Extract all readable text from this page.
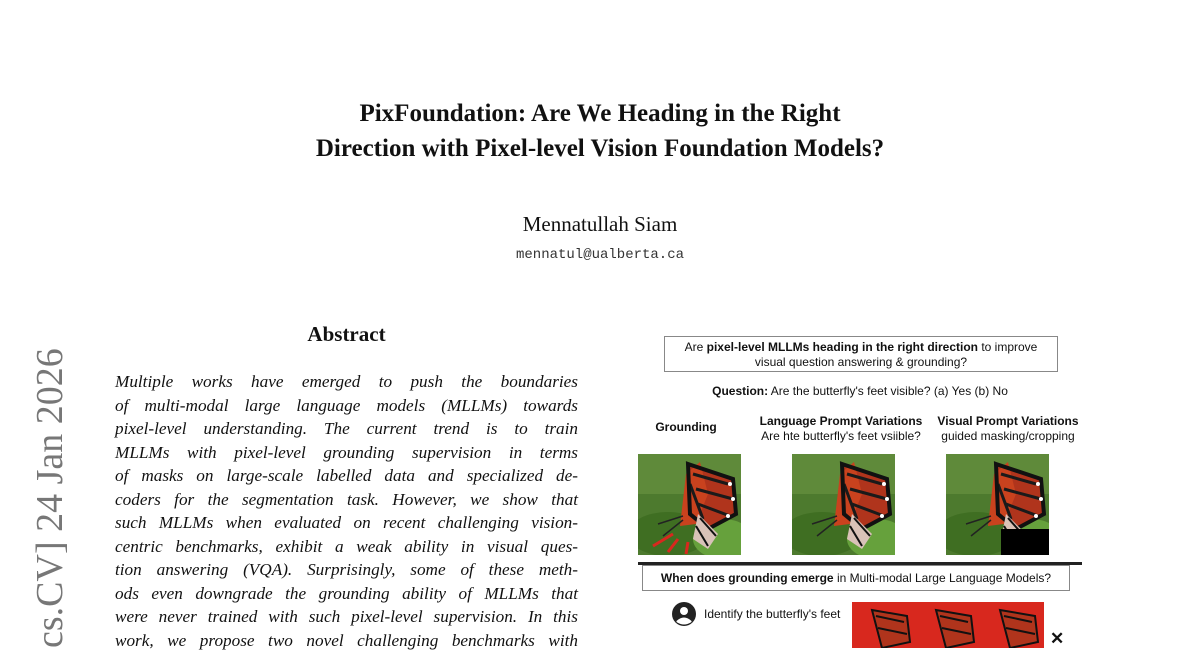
PixFoundation: Are We Heading in the Right
Direction with Pixel-level Vision Foundation Models?
Mennatullah Siam
mennatul@ualberta.ca
cs.CV] 24 Jan 2026
Abstract
Multiple works have emerged to push the boundaries
of multi-modal large language models (MLLMs) towards
pixel-level understanding. The current trend is to train
MLLMs with pixel-level grounding supervision in terms
of masks on large-scale labelled data and specialized de-
coders for the segmentation task. However, we show that
such MLLMs when evaluated on recent challenging vision-
centric benchmarks, exhibit a weak ability in visual ques-
tion answering (VQA). Surprisingly, some of these meth-
ods even downgrade the grounding ability of MLLMs that
were never trained with such pixel-level supervision. In this
work, we propose two novel challenging benchmarks with
Are pixel-level MLLMs heading in the right direction to improve
visual question answering & grounding?
Question: Are the butterfly's feet visible? (a) Yes (b) No
Grounding	Language Prompt Variations
Are hte butterfly's feet vsiible?
Visual Prompt Variations
guided masking/cropping
When does grounding emerge in Multi-modal Large Language Models?
Identify the butterfly's feet
✕
